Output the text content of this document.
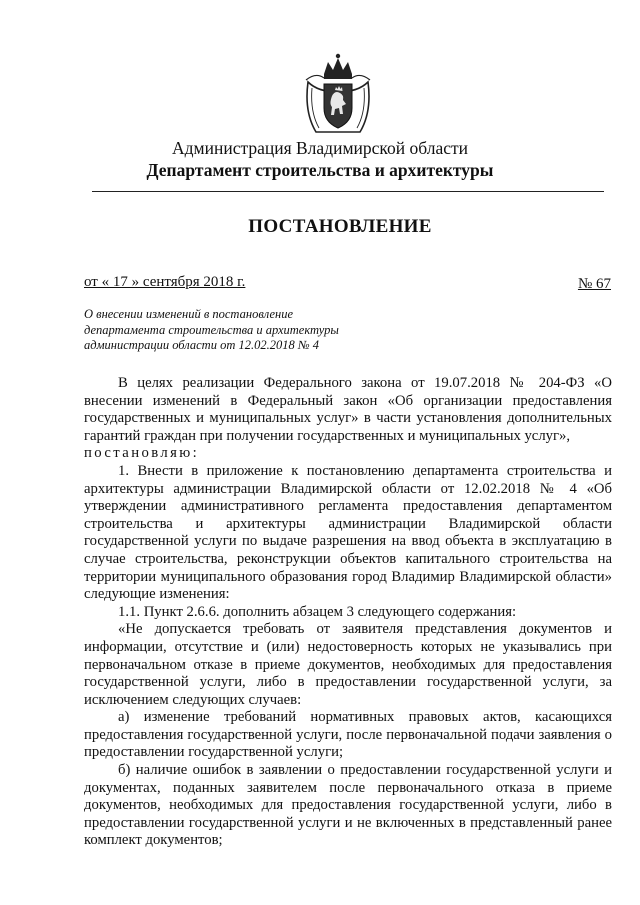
Администрация Владимирской области
Департамент строительства и архитектуры
ПОСТАНОВЛЕНИЕ
от « 17 » сентября 2018 г.	№ 67
О внесении изменений в постановление
департамента строительства и архитектуры
администрации области от 12.02.2018 № 4

В целях реализации Федерального закона от 19.07.2018 № 204-ФЗ «О внесении изменений в Федеральный закон «Об организации предоставления государственных и муниципальных услуг» в части установления дополнительных гарантий граждан при получении государственных и муниципальных услуг»,

постановляю:

1. Внести в приложение к постановлению департамента строительства и архитектуры администрации Владимирской области от 12.02.2018 № 4 «Об утверждении административного регламента предоставления департаментом строительства и архитектуры администрации Владимирской области государственной услуги по выдаче разрешения на ввод объекта в эксплуатацию в случае строительства, реконструкции объектов капитального строительства на территории муниципального образования город Владимир Владимирской области» следующие изменения:

1.1. Пункт 2.6.6. дополнить абзацем 3 следующего содержания:

«Не допускается требовать от заявителя представления документов и информации, отсутствие и (или) недостоверность которых не указывались при первоначальном отказе в приеме документов, необходимых для предоставления государственной услуги, либо в предоставлении государственной услуги, за исключением следующих случаев:

а) изменение требований нормативных правовых актов, касающихся предоставления государственной услуги, после первоначальной подачи заявления о предоставлении государственной услуги;

б) наличие ошибок в заявлении о предоставлении государственной услуги и документах, поданных заявителем после первоначального отказа в приеме документов, необходимых для предоставления государственной услуги, либо в предоставлении государственной услуги и не включенных в представленный ранее комплект документов;
